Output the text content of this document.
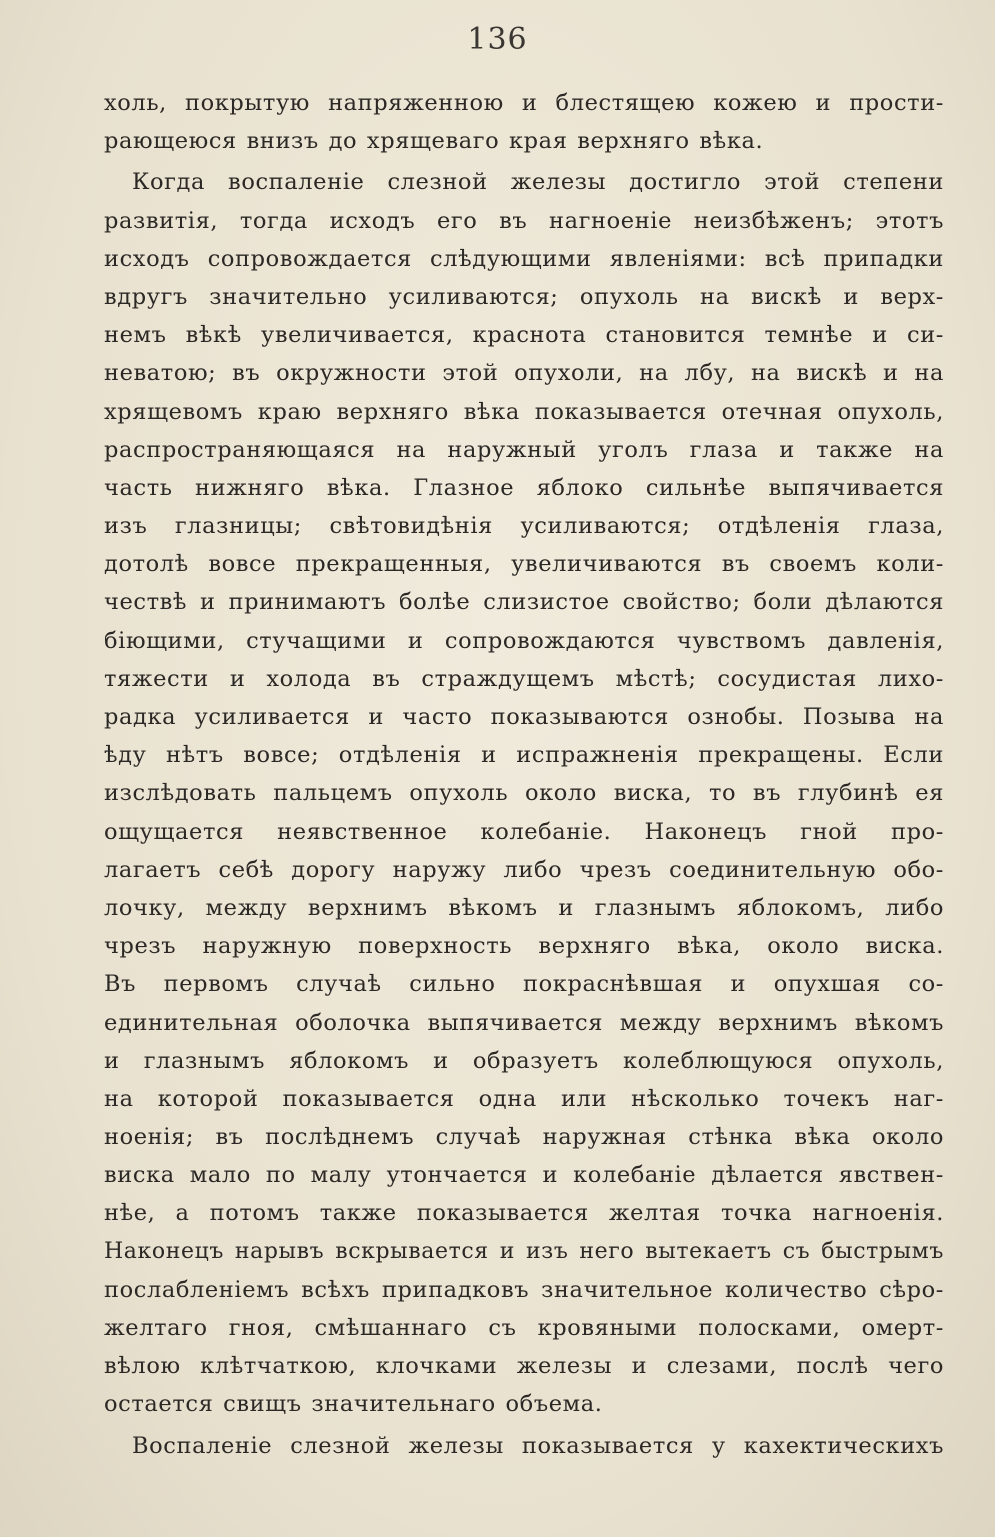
136
холь, покрытую напряженною и блестящею кожею и прости-
рающеюся внизъ до хрящеваго края верхняго вѣка.
Когда воспаленіе слезной железы достигло этой степени
развитія, тогда исходъ его въ нагноеніе неизбѣженъ; этотъ
исходъ сопровождается слѣдующими явленіями: всѣ припадки
вдругъ значительно усиливаются; опухоль на вискѣ и верх-
немъ вѣкѣ увеличивается, краснота становится темнѣе и си-
неватою; въ окружности этой опухоли, на лбу, на вискѣ и на
хрящевомъ краю верхняго вѣка показывается отечная опухоль,
распространяющаяся на наружный уголъ глаза и также на
часть нижняго вѣка. Глазное яблоко сильнѣе выпячивается
изъ глазницы; свѣтовидѣнія усиливаются; отдѣленія глаза,
дотолѣ вовсе прекращенныя, увеличиваются въ своемъ коли-
чествѣ и принимаютъ болѣе слизистое свойство; боли дѣлаются
біющими, стучащими и сопровождаются чувствомъ давленія,
тяжести и холода въ страждущемъ мѣстѣ; сосудистая лихо-
радка усиливается и часто показываются ознобы. Позыва на
ѣду нѣтъ вовсе; отдѣленія и испражненія прекращены. Если
изслѣдовать пальцемъ опухоль около виска, то въ глубинѣ ея
ощущается неявственное колебаніе. Наконецъ гной про-
лагаетъ себѣ дорогу наружу либо чрезъ соединительную обо-
лочку, между верхнимъ вѣкомъ и глазнымъ яблокомъ, либо
чрезъ наружную поверхность верхняго вѣка, около виска.
Въ первомъ случаѣ сильно покраснѣвшая и опухшая со-
единительная оболочка выпячивается между верхнимъ вѣкомъ
и глазнымъ яблокомъ и образуетъ колеблющуюся опухоль,
на которой показывается одна или нѣсколько точекъ наг-
ноенія; въ послѣднемъ случаѣ наружная стѣнка вѣка около
виска мало по малу утончается и колебаніе дѣлается явствен-
нѣе, а потомъ также показывается желтая точка нагноенія.
Наконецъ нарывъ вскрывается и изъ него вытекаетъ съ быстрымъ
послабленіемъ всѣхъ припадковъ значительное количество сѣро-
желтаго гноя, смѣшаннаго съ кровяными полосками, омерт-
вѣлою клѣтчаткою, клочками железы и слезами, послѣ чего
остается свищъ значительнаго объема.
Воспаленіе слезной железы показывается у кахектическихъ
